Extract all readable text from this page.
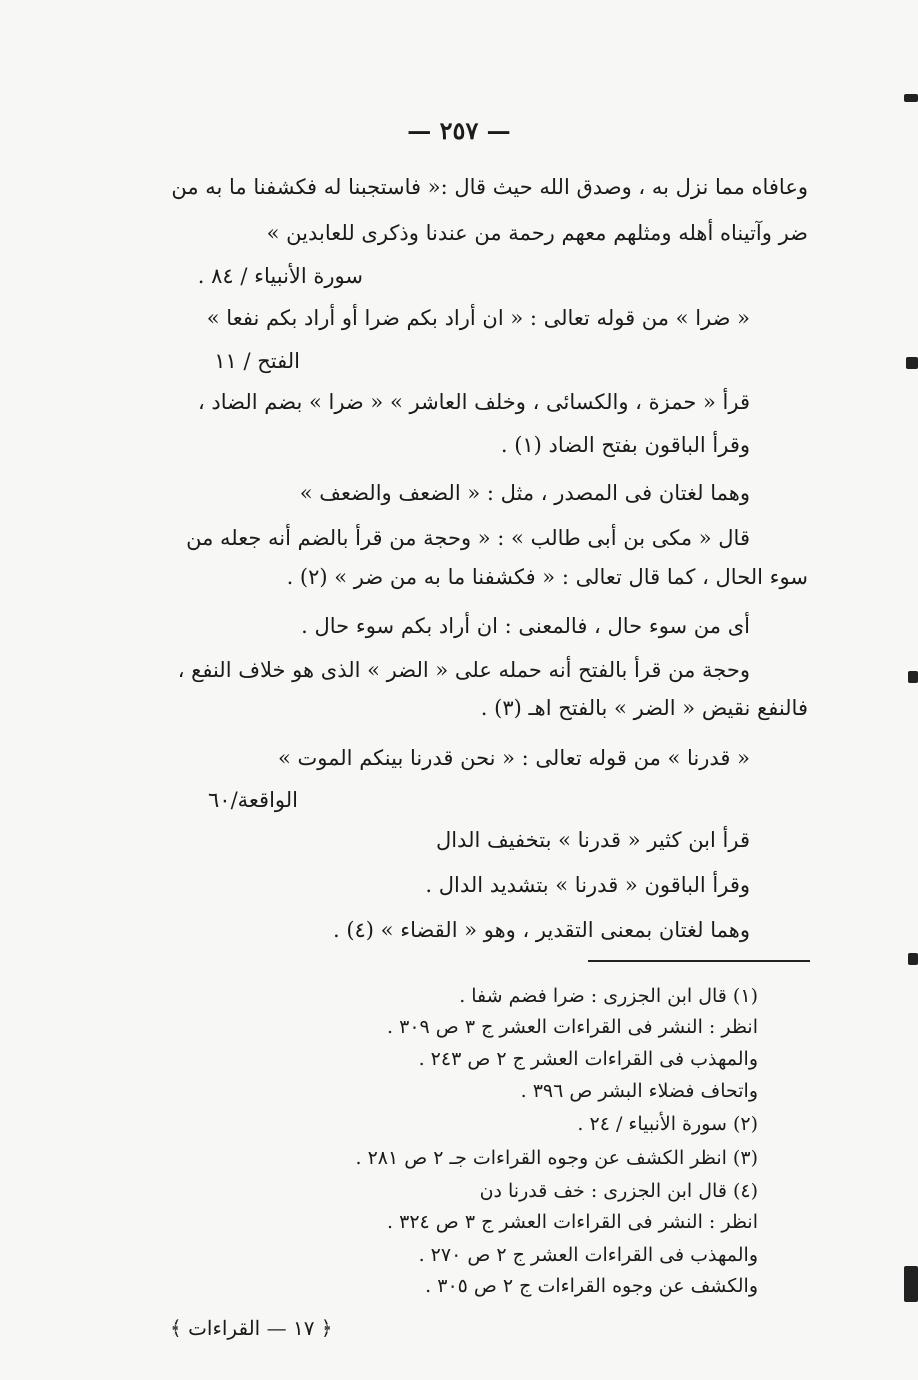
— ٢٥٧ —
وعافاه مما نزل به ، وصدق الله حيث قال :« فاستجبنا له فكشفنا ما به من
ضر وآتيناه أهله ومثلهم معهم رحمة من عندنا وذكرى للعابدين »
سورة الأنبياء / ٨٤ .
« ضرا » من قوله تعالى : « ان أراد بكم ضرا أو أراد بكم نفعا »
الفتح / ١١
قرأ « حمزة ، والكسائى ، وخلف العاشر » « ضرا » بضم الضاد ،
وقرأ الباقون بفتح الضاد (١) .
وهما لغتان فى المصدر ، مثل : « الضعف والضعف »
قال « مكى بن أبى طالب » : « وحجة من قرأ بالضم أنه جعله من
سوء الحال ، كما قال تعالى : « فكشفنا ما به من ضر » (٢) .
أى من سوء حال ، فالمعنى : ان أراد بكم سوء حال .
وحجة من قرأ بالفتح أنه حمله على « الضر » الذى هو خلاف النفع ،
فالنفع نقيض « الضر » بالفتح اهـ (٣) .
« قدرنا » من قوله تعالى : « نحن قدرنا بينكم الموت »
الواقعة/٦٠
قرأ ابن كثير « قدرنا » بتخفيف الدال
وقرأ الباقون « قدرنا » بتشديد الدال .
وهما لغتان بمعنى التقدير ، وهو « القضاء » (٤) .
(١) قال ابن الجزرى : ضرا فضم شفا .
انظر : النشر فى القراءات العشر ج ٣ ص ٣٠٩ .
والمهذب فى القراءات العشر ج ٢ ص ٢٤٣ .
واتحاف فضلاء البشر ص ٣٩٦ .
(٢) سورة الأنبياء / ٢٤ .
(٣) انظر الكشف عن وجوه القراءات جـ ٢ ص ٢٨١ .
(٤) قال ابن الجزرى : خف قدرنا دن
انظر : النشر فى القراءات العشر ج ٣ ص ٣٢٤ .
والمهذب فى القراءات العشر ج ٢ ص ٢٧٠ .
والكشف عن وجوه القراءات ج ٢ ص ٣٠٥ .
﴿ ١٧ — القراءات ﴾
